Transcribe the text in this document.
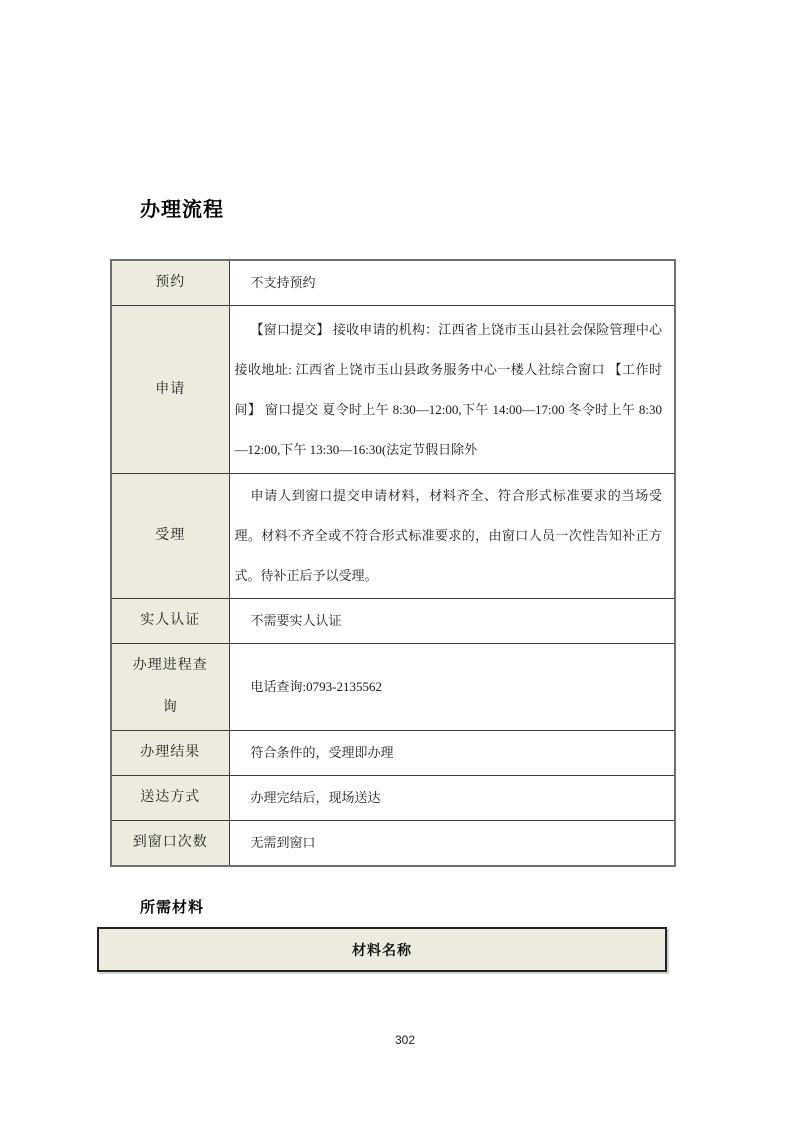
办理流程
预约	不支持预约
申请	【窗口提交】 接收申请的机构：江西省上饶市玉山县社会保险管理中心 接收地址: 江西省上饶市玉山县政务服务中心一楼人社综合窗口 【工作时间】 窗口提交 夏令时上午 8:30—12:00,下午 14:00—17:00 冬令时上午 8:30—12:00,下午 13:30—16:30(法定节假日除外
受理	申请人到窗口提交申请材料，材料齐全、符合形式标准要求的当场受理。材料不齐全或不符合形式标准要求的，由窗口人员一次性告知补正方式。待补正后予以受理。
实人认证	不需要实人认证
办理进程查询	电话查询:0793-2135562
办理结果	符合条件的，受理即办理
送达方式	办理完结后，现场送达
到窗口次数	无需到窗口
所需材料
材料名称
302
